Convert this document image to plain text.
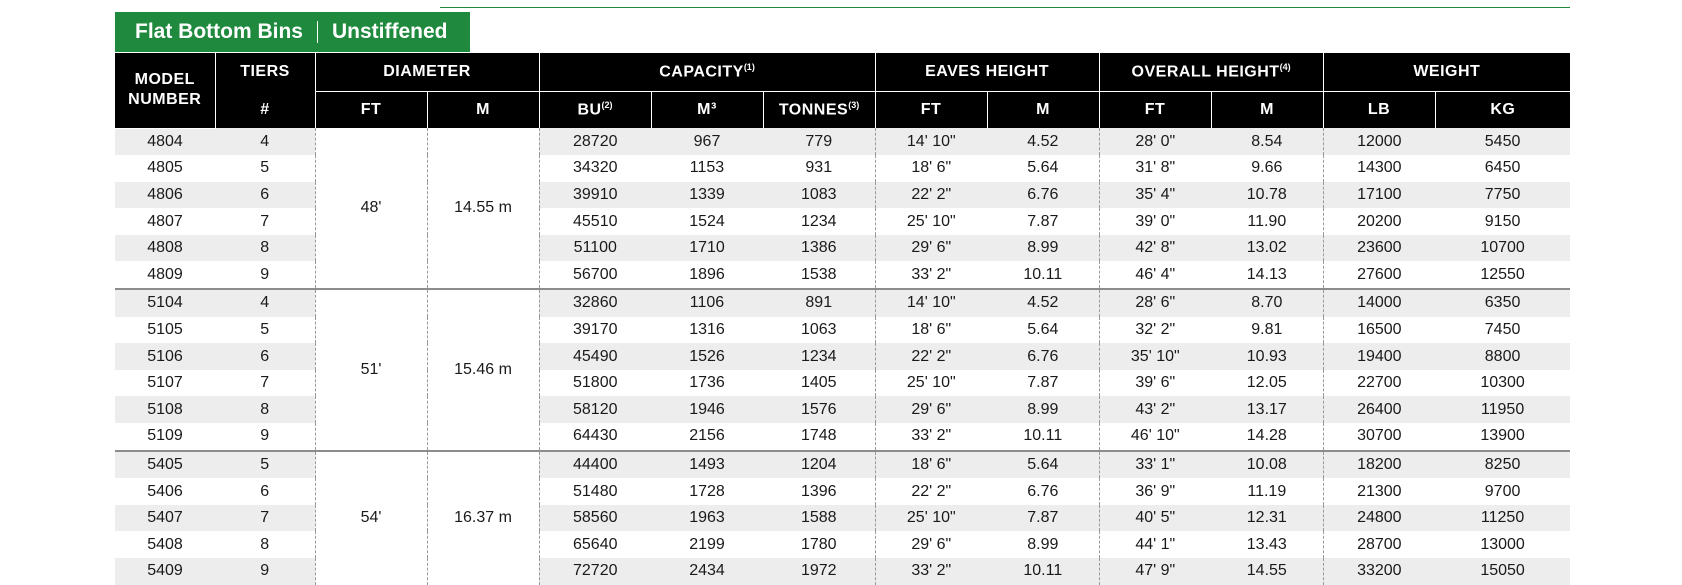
Flat Bottom Bins Unstiffened
MODEL NUMBER	TIERS	DIAMETER		CAPACITY$^{(1)}$			EAVES HEIGHT		OVERALL HEIGHT$^{(4)}$		WEIGHT	
	#	FT	M	BU$^{(2)}$	M³	TONNES$^{(3)}$	FT	M	FT	M	LB	KG
4804	4	48'	14.55 m	28720	967	779	14' 10"	4.52	28' 0"	8.54	12000	5450
4805	5			34320	1153	931	18' 6"	5.64	31' 8"	9.66	14300	6450
4806	6			39910	1339	1083	22' 2"	6.76	35' 4"	10.78	17100	7750
4807	7			45510	1524	1234	25' 10"	7.87	39' 0"	11.90	20200	9150
4808	8			51100	1710	1386	29' 6"	8.99	42' 8"	13.02	23600	10700
4809	9			56700	1896	1538	33' 2"	10.11	46' 4"	14.13	27600	12550
5104	4	51'	15.46 m	32860	1106	891	14' 10"	4.52	28' 6"	8.70	14000	6350
5105	5			39170	1316	1063	18' 6"	5.64	32' 2"	9.81	16500	7450
5106	6			45490	1526	1234	22' 2"	6.76	35' 10"	10.93	19400	8800
5107	7			51800	1736	1405	25' 10"	7.87	39' 6"	12.05	22700	10300
5108	8			58120	1946	1576	29' 6"	8.99	43' 2"	13.17	26400	11950
5109	9			64430	2156	1748	33' 2"	10.11	46' 10"	14.28	30700	13900
5405	5	54'	16.37 m	44400	1493	1204	18' 6"	5.64	33' 1"	10.08	18200	8250
5406	6			51480	1728	1396	22' 2"	6.76	36' 9"	11.19	21300	9700
5407	7			58560	1963	1588	25' 10"	7.87	40' 5"	12.31	24800	11250
5408	8			65640	2199	1780	29' 6"	8.99	44' 1"	13.43	28700	13000
5409	9			72720	2434	1972	33' 2"	10.11	47' 9"	14.55	33200	15050
